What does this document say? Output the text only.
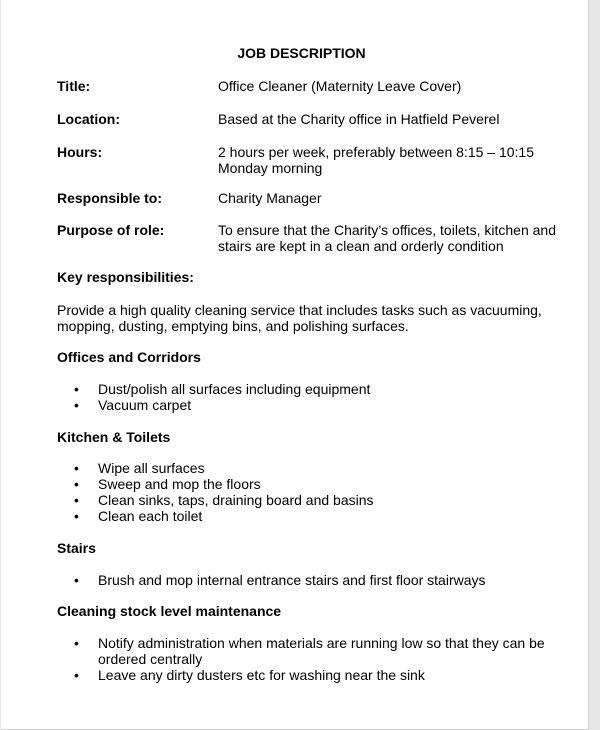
JOB DESCRIPTION
Title:	Office Cleaner (Maternity Leave Cover)
Location:	Based at the Charity office in Hatfield Peverel
Hours:	2 hours per week, preferably between 8:15 – 10:15
Monday morning
Responsible to:	Charity Manager
Purpose of role:	To ensure that the Charity’s offices, toilets, kitchen and
stairs are kept in a clean and orderly condition
Key responsibilities:
Provide a high quality cleaning service that includes tasks such as vacuuming,
mopping, dusting, emptying bins, and polishing surfaces.
Offices and Corridors
• Dust/polish all surfaces including equipment
• Vacuum carpet
Kitchen & Toilets
• Wipe all surfaces
• Sweep and mop the floors
• Clean sinks, taps, draining board and basins
• Clean each toilet
Stairs
• Brush and mop internal entrance stairs and first floor stairways
Cleaning stock level maintenance
• Notify administration when materials are running low so that they can be
ordered centrally
• Leave any dirty dusters etc for washing near the sink
